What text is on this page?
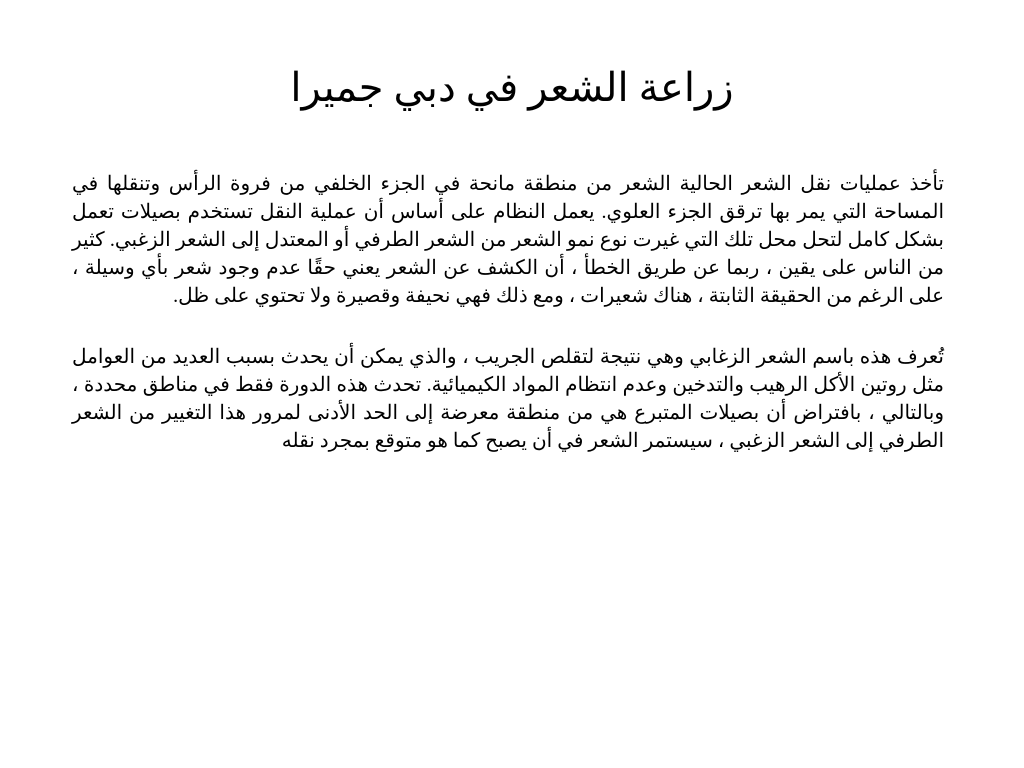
زراعة الشعر في دبي جميرا

تأخذ عمليات نقل الشعر الحالية الشعر من منطقة مانحة في الجزء الخلفي من فروة الرأس وتنقلها في المساحة التي يمر بها ترقق الجزء العلوي. يعمل النظام على أساس أن عملية النقل تستخدم بصيلات تعمل بشكل كامل لتحل محل تلك التي غيرت نوع نمو الشعر من الشعر الطرفي أو المعتدل إلى الشعر الزغبي. كثير من الناس على يقين ، ربما عن طريق الخطأ ، أن الكشف عن الشعر يعني حقًا عدم وجود شعر بأي وسيلة ، على الرغم من الحقيقة الثابتة ، هناك شعيرات ، ومع ذلك فهي نحيفة وقصيرة ولا تحتوي على ظل.

تُعرف هذه باسم الشعر الزغابي وهي نتيجة لتقلص الجريب ، والذي يمكن أن يحدث بسبب العديد من العوامل مثل روتين الأكل الرهيب والتدخين وعدم انتظام المواد الكيميائية. تحدث هذه الدورة فقط في مناطق محددة ، وبالتالي ، بافتراض أن بصيلات المتبرع هي من منطقة معرضة إلى الحد الأدنى لمرور هذا التغيير من الشعر الطرفي إلى الشعر الزغبي ، سيستمر الشعر في أن يصبح كما هو متوقع بمجرد نقله
